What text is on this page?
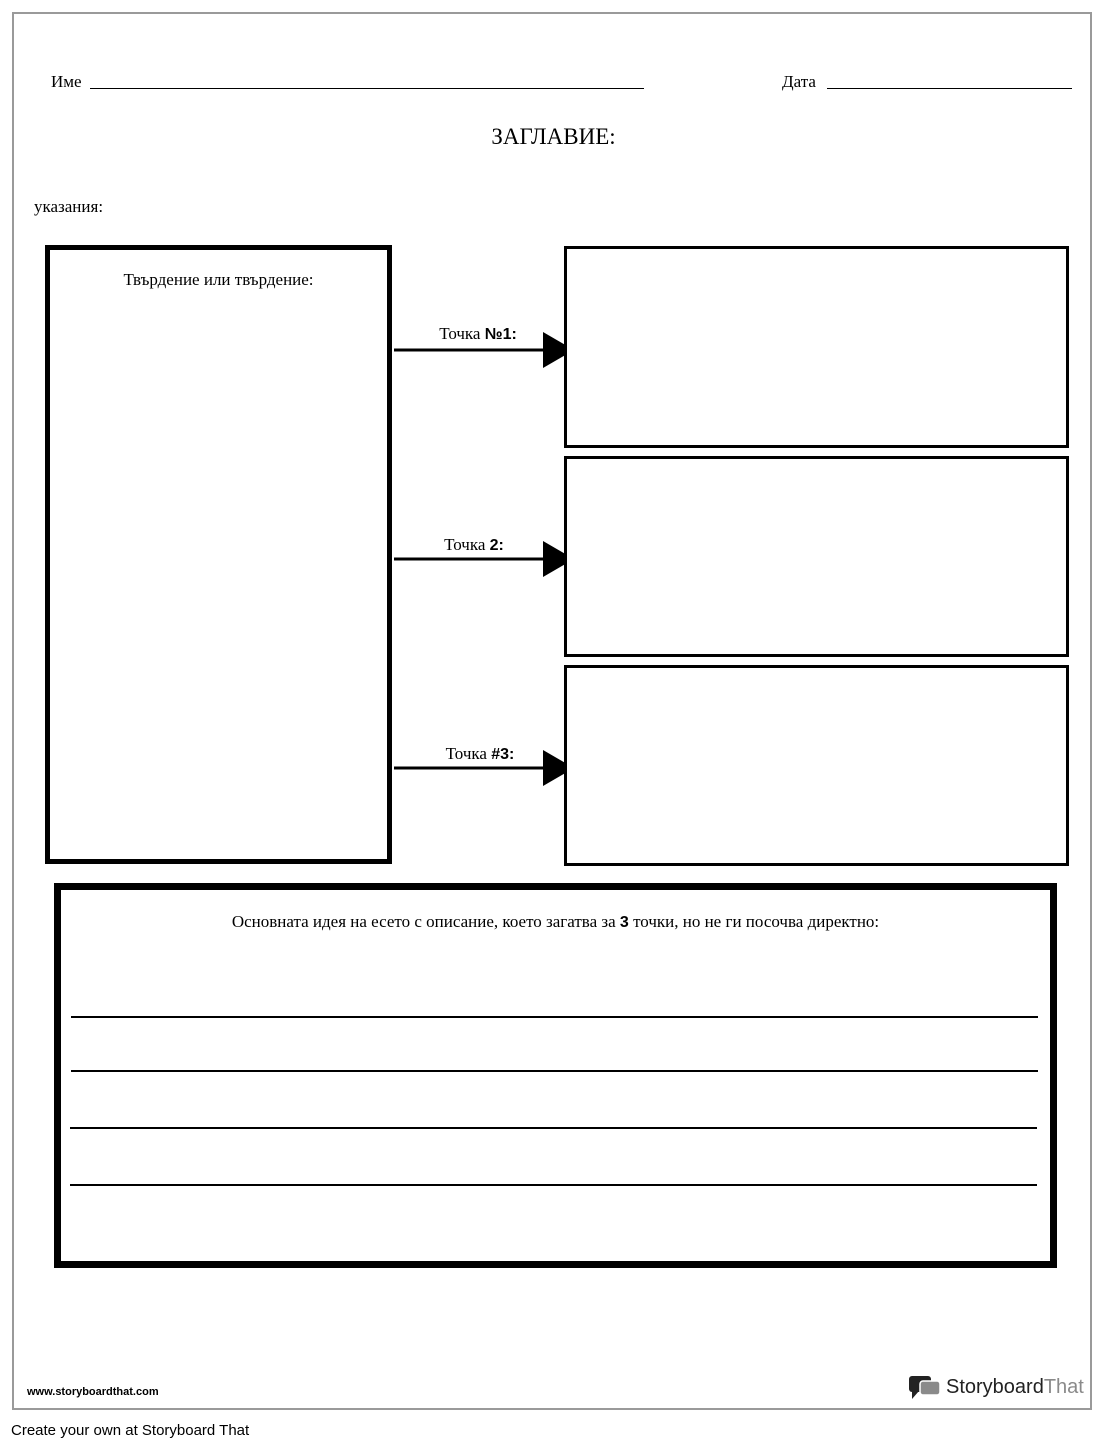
Име	Дата
ЗАГЛАВИЕ:
указания:
Твърдение или твърдение:
Точка №1:
Точка 2:
Точка #3:
Основната идея на есето с описание, което загатва за 3 точки, но не ги посочва директно:
www.storyboardthat.com	StoryboardThat
Create your own at Storyboard That
